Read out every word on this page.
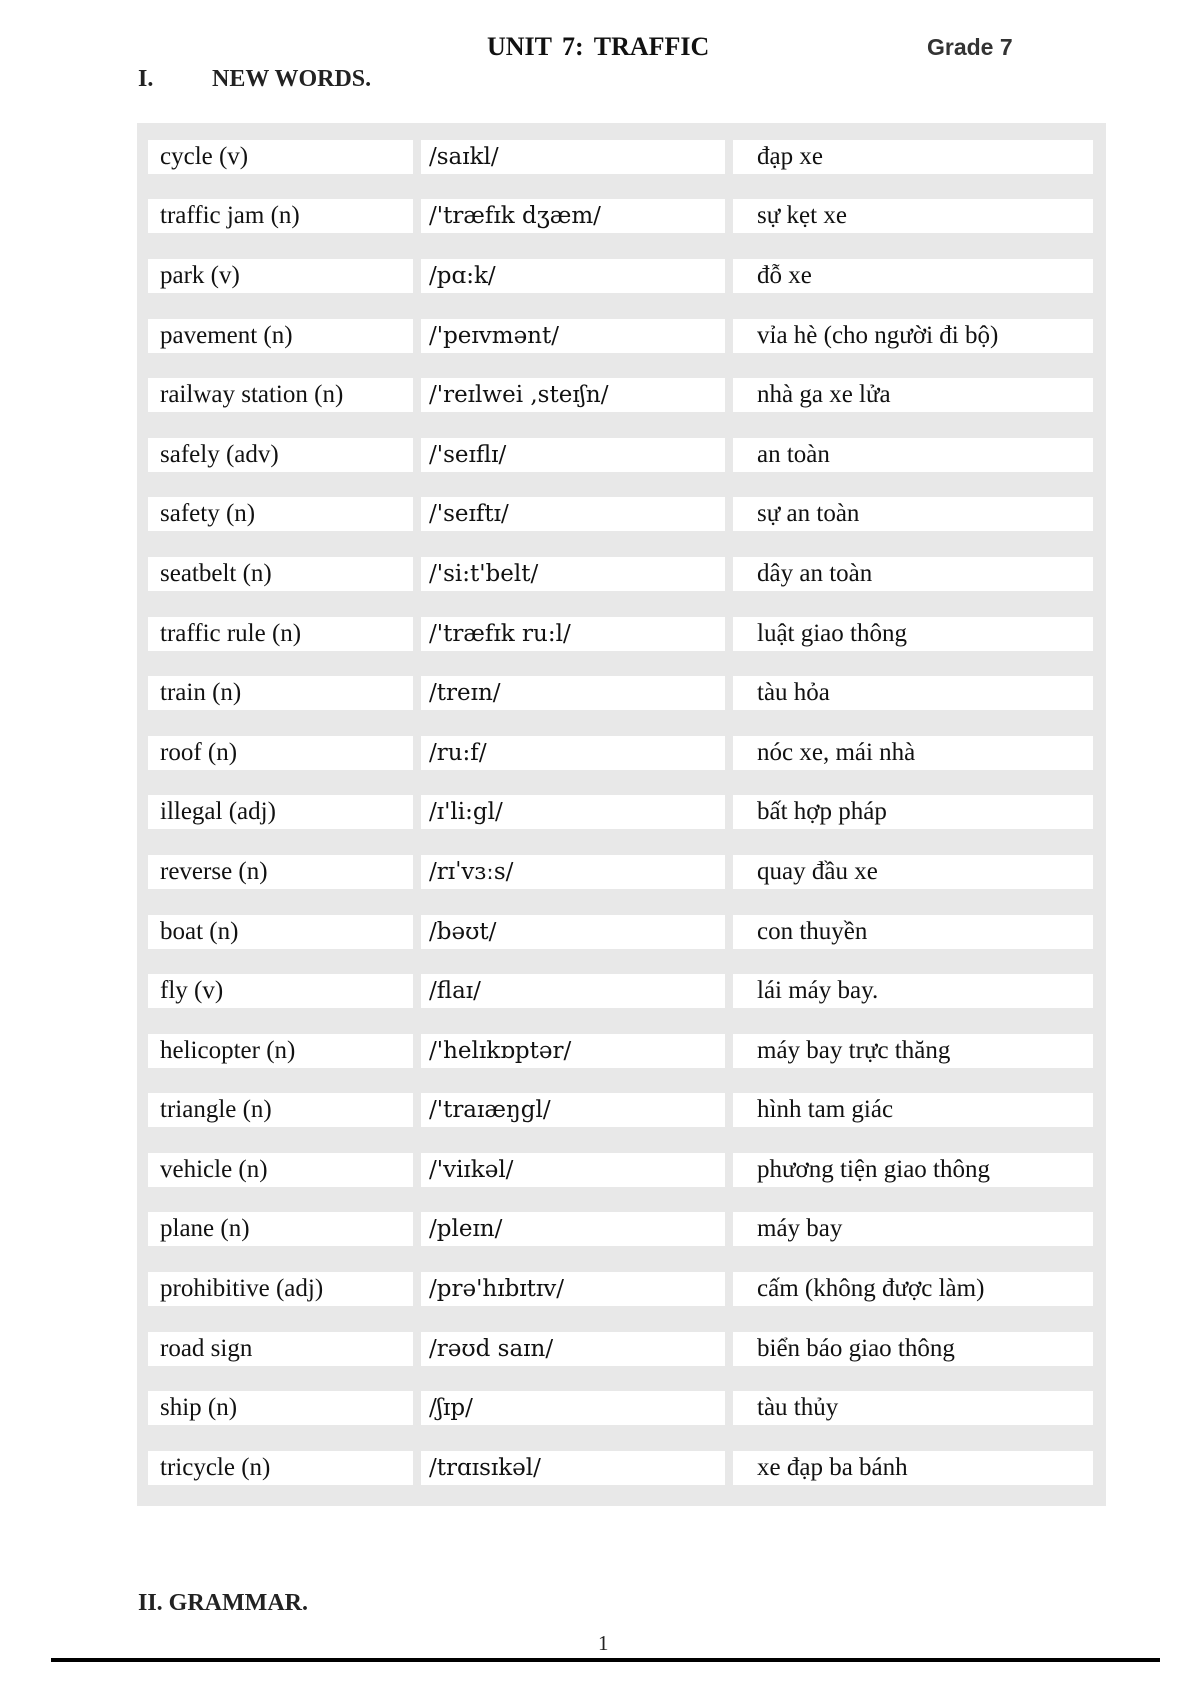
UNIT 7: TRAFFIC	Grade 7
I. NEW WORDS.
cycle (v)	/saɪkl/	đạp xe
traffic jam (n)	/'træfɪk dʒæm/	sự kẹt xe
park (v)	/pɑ:k/	đỗ xe
pavement (n)	/'peɪvmənt/	vỉa hè (cho người đi bộ)
railway station (n)	/'reɪlwei ,steɪʃn/	nhà ga xe lửa
safely (adv)	/'seɪflɪ/	an toàn
safety (n)	/'seɪftɪ/	sự an toàn
seatbelt (n)	/'si:t'belt/	dây an toàn
traffic rule (n)	/'træfɪk ru:l/	luật giao thông
train (n)	/treɪn/	tàu hỏa
roof (n)	/ru:f/	nóc xe, mái nhà
illegal (adj)	/ɪ'li:gl/	bất hợp pháp
reverse (n)	/rɪˈvɜːs/	quay đầu xe
boat (n)	/bəʊt/	con thuyền
fly (v)	/flaɪ/	lái máy bay.
helicopter (n)	/'helɪkɒptər/	máy bay trực thăng
triangle (n)	/'traɪæŋgl/	hình tam giác
vehicle (n)	/'viɪkəl/	phương tiện giao thông
plane (n)	/pleɪn/	máy bay
prohibitive (adj)	/prə'hɪbɪtɪv/	cấm (không được làm)
road sign	/rəʊd saɪn/	biển báo giao thông
ship (n)	/ʃɪp/	tàu thủy
tricycle (n)	/trɑɪsɪkəl/	xe đạp ba bánh
II. GRAMMAR.
1
